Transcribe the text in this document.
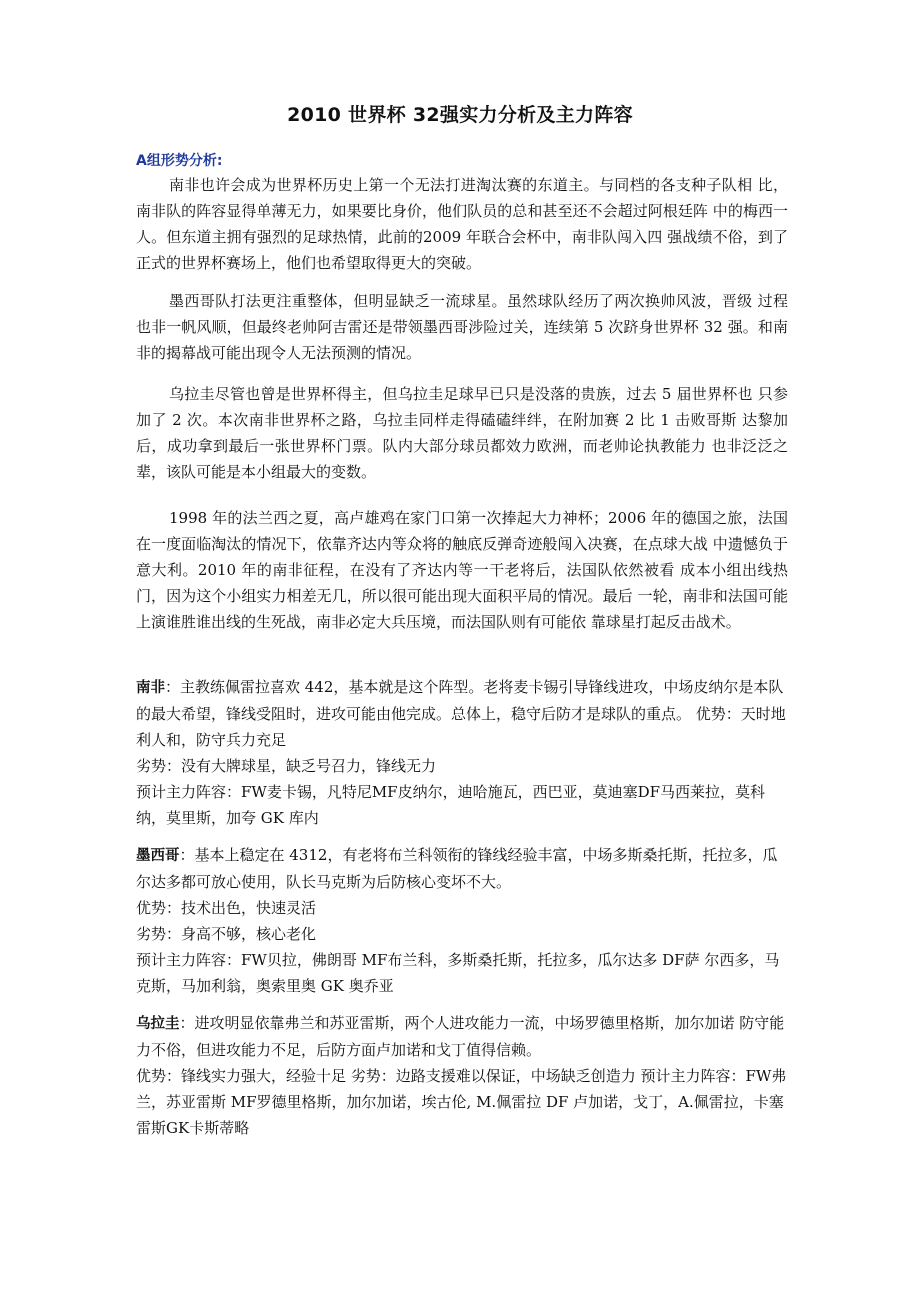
2010 世界杯 32强实力分析及主力阵容
A组形势分析:

南非也许会成为世界杯历史上第一个无法打进淘汰赛的东道主。与同档的各支种子队相 比，南非队的阵容显得单薄无力，如果要比身价，他们队员的总和甚至还不会超过阿根廷阵 中的梅西一人。但东道主拥有强烈的足球热情，此前的2009 年联合会杯中，南非队闯入四 强战绩不俗，到了正式的世界杯赛场上，他们也希望取得更大的突破。

墨西哥队打法更注重整体，但明显缺乏一流球星。虽然球队经历了两次换帅风波，晋级 过程也非一帆风顺，但最终老帅阿吉雷还是带领墨西哥涉险过关，连续第 5 次跻身世界杯 32 强。和南非的揭幕战可能出现令人无法预测的情况。

乌拉圭尽管也曾是世界杯得主，但乌拉圭足球早已只是没落的贵族，过去 5 届世界杯也 只参加了 2 次。本次南非世界杯之路，乌拉圭同样走得磕磕绊绊，在附加赛 2 比 1 击败哥斯 达黎加后，成功拿到最后一张世界杯门票。队内大部分球员都效力欧洲，而老帅论执教能力 也非泛泛之辈，该队可能是本小组最大的变数。

1998 年的法兰西之夏，高卢雄鸡在家门口第一次捧起大力神杯；2006 年的德国之旅，法国在一度面临淘汰的情况下，依靠齐达内等众将的触底反弹奇迹般闯入决赛，在点球大战 中遗憾负于意大利。2010 年的南非征程，在没有了齐达内等一干老将后，法国队依然被看 成本小组出线热门，因为这个小组实力相差无几，所以很可能出现大面积平局的情况。最后 一轮，南非和法国可能上演谁胜谁出线的生死战，南非必定大兵压境，而法国队则有可能依 靠球星打起反击战术。

南非：主教练佩雷拉喜欢 442，基本就是这个阵型。老将麦卡锡引导锋线进攻，中场皮纳尔是本队的最大希望，锋线受阻时，进攻可能由他完成。总体上，稳守后防才是球队的重点。 优势：天时地利人和，防守兵力充足

劣势：没有大牌球星，缺乏号召力，锋线无力

预计主力阵容：FW麦卡锡，凡特尼MF皮纳尔，迪哈施瓦，西巴亚，莫迪塞DF马西莱拉，莫科纳，莫里斯，加夸 GK 库内

墨西哥：基本上稳定在 4312，有老将布兰科领衔的锋线经验丰富，中场多斯桑托斯，托拉多，瓜尔达多都可放心使用，队长马克斯为后防核心变坏不大。

优势：技术出色，快速灵活

劣势：身高不够，核心老化

预计主力阵容：FW贝拉，佛朗哥 MF布兰科，多斯桑托斯，托拉多，瓜尔达多 DF萨 尔西多，马克斯，马加利翁，奥索里奥 GK 奥乔亚

乌拉圭：进攻明显依靠弗兰和苏亚雷斯，两个人进攻能力一流，中场罗德里格斯，加尔加诺 防守能力不俗，但进攻能力不足，后防方面卢加诺和戈丁值得信赖。

优势：锋线实力强大，经验十足 劣势：边路支援难以保证，中场缺乏创造力 预计主力阵容：FW弗兰，苏亚雷斯 MF罗德里格斯，加尔加诺，埃古伦, M.佩雷拉 DF 卢加诺，戈丁，A.佩雷拉，卡塞雷斯GK卡斯蒂略
